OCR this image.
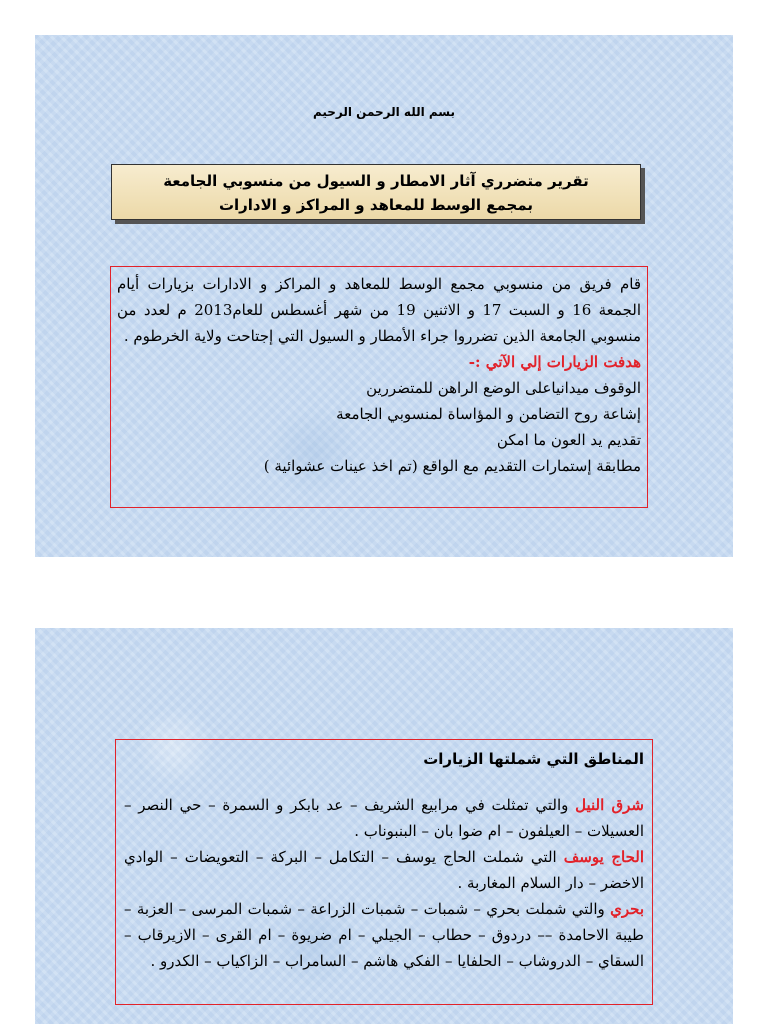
بسم الله الرحمن الرحيم
تقرير متضرري آثار الامطار و السيول من منسوبي الجامعة
بمجمع الوسط للمعاهد و المراكز و الادارات
قام فريق من منسوبي مجمع الوسط للمعاهد و المراكز و الادارات بزيارات أيام الجمعة 16 و السبت 17 و الاثنين 19 من شهر أغسطس للعام2013 م لعدد من منسوبي الجامعة الذين تضرروا جراء الأمطار و السيول التي إجتاحت ولاية الخرطوم .
هدفت الزيارات إلي الآتي :-
الوقوف ميدانياعلى الوضع الراهن للمتضررين
إشاعة روح التضامن و المؤاساة لمنسوبي الجامعة
تقديم يد العون ما امكن
مطابقة إستمارات التقديم مع الواقع (تم اخذ عينات عشوائية )
المناطق التي شملتها الزيارات
شرق النيل والتي تمثلت في مرابيع الشريف – عد بابكر و السمرة – حي النصر – العسيلات – العيلفون – ام ضوا بان – البنبوناب .
الحاج يوسف التي شملت الحاج يوسف – التكامل – البركة – التعويضات – الوادي الاخضر – دار السلام المغاربة .
بحري والتي شملت بحري – شمبات – شمبات الزراعة – شمبات المرسى – العزبة – طيبة الاحامدة –– دردوق – حطاب – الجيلي – ام ضريوة – ام القرى – الازيرقاب – السقاي – الدروشاب – الحلفايا – الفكي هاشم – السامراب – الزاكياب – الكدرو .
